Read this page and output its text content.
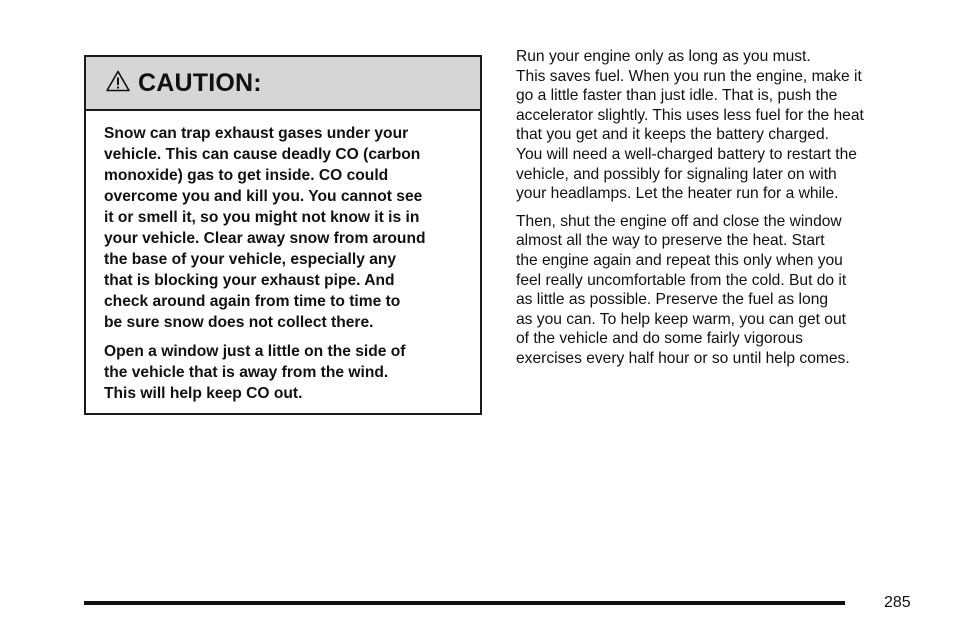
CAUTION:

Snow can trap exhaust gases under your
vehicle. This can cause deadly CO (carbon
monoxide) gas to get inside. CO could
overcome you and kill you. You cannot see
it or smell it, so you might not know it is in
your vehicle. Clear away snow from around
the base of your vehicle, especially any
that is blocking your exhaust pipe. And
check around again from time to time to
be sure snow does not collect there.

Open a window just a little on the side of
the vehicle that is away from the wind.
This will help keep CO out.

Run your engine only as long as you must.
This saves fuel. When you run the engine, make it
go a little faster than just idle. That is, push the
accelerator slightly. This uses less fuel for the heat
that you get and it keeps the battery charged.
You will need a well-charged battery to restart the
vehicle, and possibly for signaling later on with
your headlamps. Let the heater run for a while.

Then, shut the engine off and close the window
almost all the way to preserve the heat. Start
the engine again and repeat this only when you
feel really uncomfortable from the cold. But do it
as little as possible. Preserve the fuel as long
as you can. To help keep warm, you can get out
of the vehicle and do some fairly vigorous
exercises every half hour or so until help comes.

285
